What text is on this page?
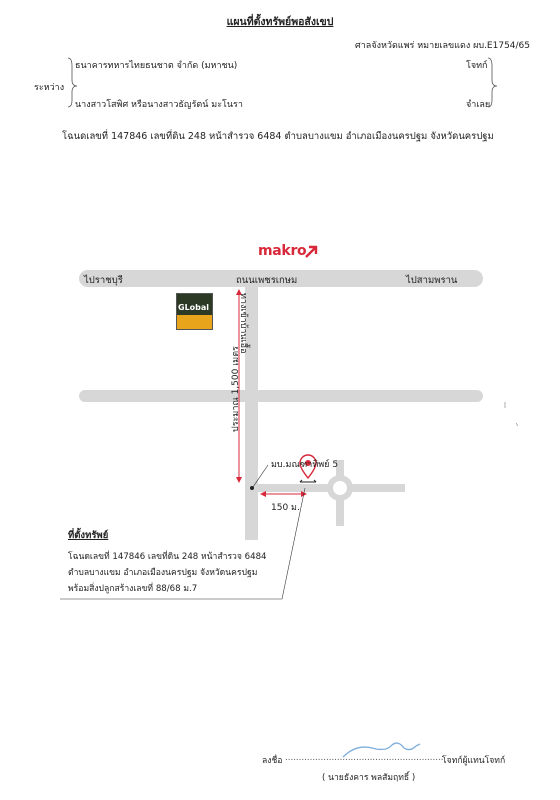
แผนที่ตั้งทรัพย์พอสังเขป
ศาลจังหวัดแพร่ หมายเลขแดง ผบ.E1754/65
ธนาคารทหารไทยธนชาต จำกัด (มหาชน)	โจทก์
ระหว่าง
นางสาวโสพิศ หรือนางสาวธัญรัตน์ มะโนรา	จำเลย
โฉนดเลขที่ 147846 เลขที่ดิน 248 หน้าสำรวจ 6484 ตำบลบางแขม อำเภอเมืองนครปฐม จังหวัดนครปฐม
makro
ไปราชบุรี	ถนนเพชรเกษม	ไปสามพราน
GLobal	ทางเข้าบ้านเอื้อ
ประมาณ 1,500 เมตร
มบ.มณฑาทิพย์ 5
150 ม.
ที่ตั้งทรัพย์
โฉนดเลขที่ 147846 เลขที่ดิน 248 หน้าสำรวจ 6484
ตำบลบางแขม อำเภอเมืองนครปฐม จังหวัดนครปฐม
พร้อมสิ่งปลูกสร้างเลขที่ 88/68 ม.7
ลงชื่อ ..........................................................
โจทก์ผู้แทนโจทก์
( นายธังคาร พลสัมฤทธิ์ )
